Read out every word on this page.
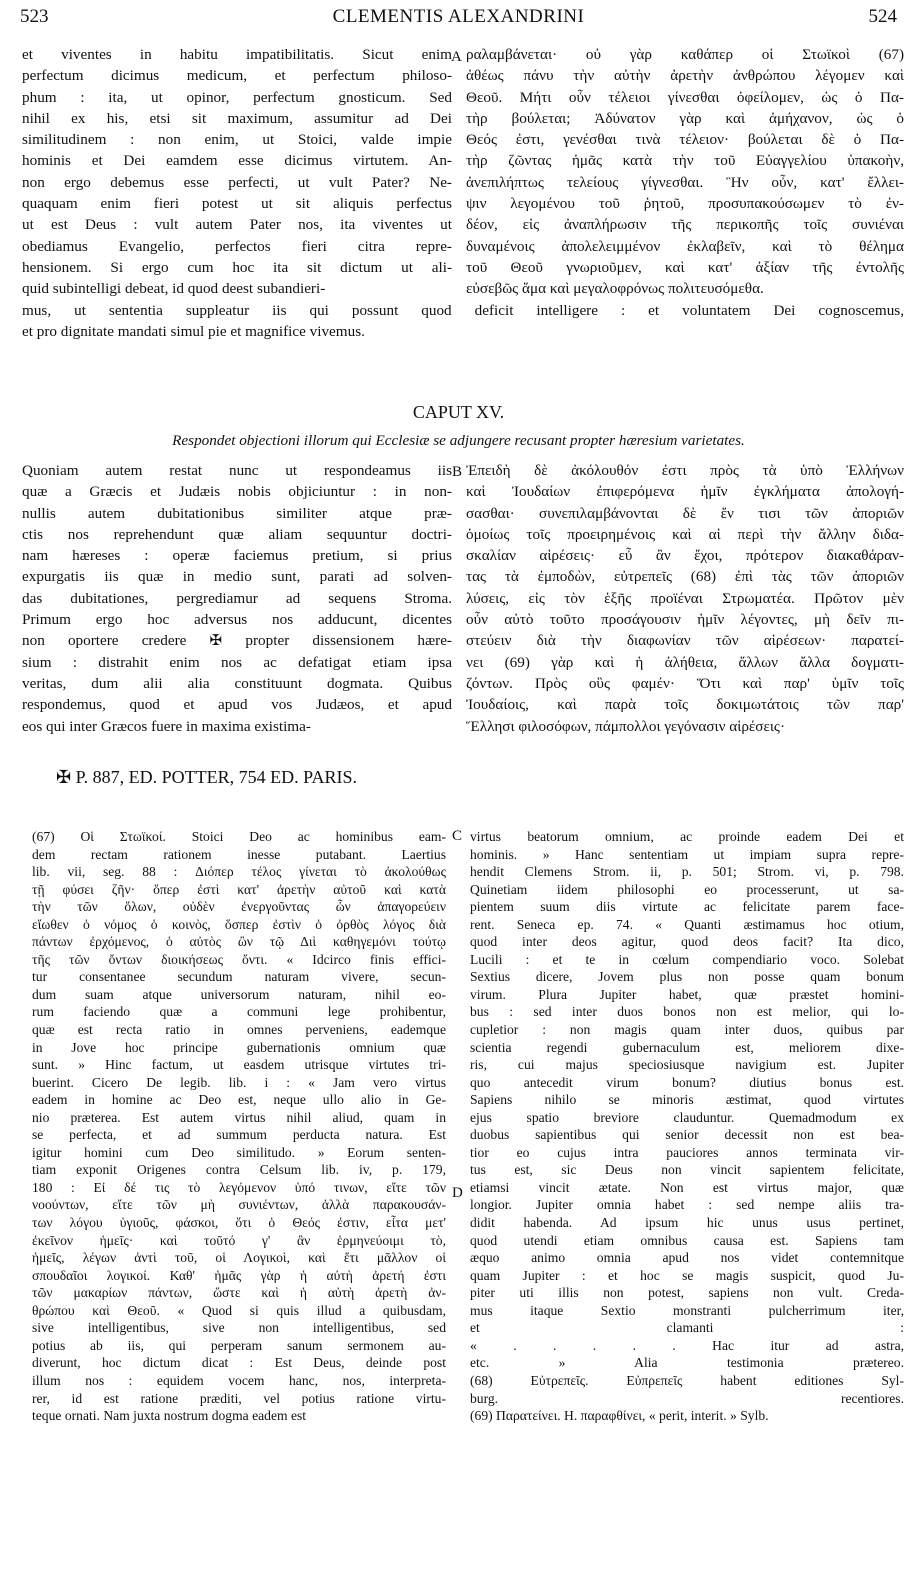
523	CLEMENTIS ALEXANDRINI	524
A
B
C
D
et viventes in habitu impatibilitatis. Sicut enim
perfectum dicimus medicum, et perfectum philoso-
phum : ita, ut opinor, perfectum gnosticum. Sed
nihil ex his, etsi sit maximum, assumitur ad Dei
similitudinem : non enim, ut Stoici, valde impie
hominis et Dei eamdem esse dicimus virtutem. An-
non ergo debemus esse perfecti, ut vult Pater? Ne-
quaquam enim fieri potest ut sit aliquis perfectus
ut est Deus : vult autem Pater nos, ita viventes ut
obediamus Evangelio, perfectos fieri citra repre-
hensionem. Si ergo cum hoc ita sit dictum ut ali-
quid subintelligi debeat, id quod deest subandieri-
ραλαμβάνεται· οὐ γὰρ καθάπερ οἱ Στωϊκοὶ (67)
ἀθέως πάνυ τὴν αὐτὴν ἀρετὴν ἀνθρώπου λέγομεν καὶ
Θεοῦ. Μήτι οὖν τέλειοι γίνεσθαι ὀφείλομεν, ὡς ὁ Πα-
τὴρ βούλεται; Ἀδύνατον γὰρ καὶ ἀμήχανον, ὡς ὁ
Θεός ἐστι, γενέσθαι τινὰ τέλειον· βούλεται δὲ ὁ Πα-
τὴρ ζῶντας ἡμᾶς κατὰ τὴν τοῦ Εὐαγγελίου ὑπακοὴν,
ἀνεπιλήπτως τελείους γίγνεσθαι. Ἣν οὖν, κατ' ἔλλει-
ψιν λεγομένου τοῦ ῥητοῦ, προσυπακούσωμεν τὸ ἐν-
δέον, εἰς ἀναπλήρωσιν τῆς περικοπῆς τοῖς συνιέναι
δυναμένοις ἀπολελειμμένον ἐκλαβεῖν, καὶ τὸ θέλημα
τοῦ Θεοῦ γνωριοῦμεν, καὶ κατ' ἀξίαν τῆς ἐντολῆς
εὐσεβῶς ἅμα καὶ μεγαλοφρόνως πολιτευσόμεθα.
mus, ut sententia suppleatur iis qui possunt quod deficit intelligere : et voluntatem Dei cognoscemus,
et pro dignitate mandati simul pie et magnifice vivemus.
CAPUT XV.
Respondet objectioni illorum qui Ecclesiæ se adjungere recusant propter hæresium varietates.
Quoniam autem restat nunc ut respondeamus iis
quæ a Græcis et Judæis nobis objiciuntur : in non-
nullis autem dubitationibus similiter atque præ-
ctis nos reprehendunt quæ aliam sequuntur doctri-
nam hæreses : operæ faciemus pretium, si prius
expurgatis iis quæ in medio sunt, parati ad solven-
das dubitationes, pergrediamur ad sequens Stroma.
Primum ergo hoc adversus nos adducunt, dicentes
non oportere credere ✠ propter dissensionem hære-
sium : distrahit enim nos ac defatigat etiam ipsa
veritas, dum alii alia constituunt dogmata. Quibus
respondemus, quod et apud vos Judæos, et apud
eos qui inter Græcos fuere in maxima existima-
Ἐπειδὴ δὲ ἀκόλουθόν ἐστι πρὸς τὰ ὑπὸ Ἑλλήνων
καὶ Ἰουδαίων ἐπιφερόμενα ἡμῖν ἐγκλήματα ἀπολογή-
σασθαι· συνεπιλαμβάνονται δὲ ἔν τισι τῶν ἀποριῶν
ὁμοίως τοῖς προειρημένοις καὶ αἱ περὶ τὴν ἄλλην διδα-
σκαλίαν αἱρέσεις· εὖ ἂν ἔχοι, πρότερον διακαθάραν-
τας τὰ ἐμποδὼν, εὐτρεπεῖς (68) ἐπὶ τὰς τῶν ἀποριῶν
λύσεις, εἰς τὸν ἑξῆς προϊέναι Στρωματέα. Πρῶτον μὲν
οὖν αὐτὸ τοῦτο προσάγουσιν ἡμῖν λέγοντες, μὴ δεῖν πι-
στεύειν διὰ τὴν διαφωνίαν τῶν αἱρέσεων· παρατεί-
νει (69) γὰρ καὶ ἡ ἀλήθεια, ἄλλων ἄλλα δογματι-
ζόντων. Πρὸς οὓς φαμέν· Ὅτι καὶ παρ' ὑμῖν τοῖς
Ἰουδαίοις, καὶ παρὰ τοῖς δοκιμωτάτοις τῶν παρ'
Ἕλλησι φιλοσόφων, πάμπολλοι γεγόνασιν αἱρέσεις·
✠ P. 887, ED. POTTER, 754 ED. PARIS.
(67) Οἱ Στωϊκοί. Stoici Deo ac hominibus eam-
dem rectam rationem inesse putabant. Laertius
lib. vii, seg. 88 : Διόπερ τέλος γίνεται τὸ ἀκολούθως
τῇ φύσει ζῆν· ὅπερ ἐστὶ κατ' ἀρετὴν αὐτοῦ καὶ κατὰ
τὴν τῶν ὅλων, οὐδὲν ἐνεργοῦντας ὧν ἀπαγορεύειν
εἴωθεν ὁ νόμος ὁ κοινὸς, ὅσπερ ἐστὶν ὁ ὀρθὸς λόγος διὰ
πάντων ἐρχόμενος, ὁ αὐτὸς ὢν τῷ Διὶ καθηγεμόνι τούτῳ
τῆς τῶν ὄντων διοικήσεως ὄντι. « Idcirco finis effici-
tur consentanee secundum naturam vivere, secun-
dum suam atque universorum naturam, nihil eo-
rum faciendo quæ a communi lege prohibentur,
quæ est recta ratio in omnes perveniens, eademque
in Jove hoc principe gubernationis omnium quæ
sunt. » Hinc factum, ut easdem utrisque virtutes tri-
buerint. Cicero De legib. lib. i : « Jam vero virtus
eadem in homine ac Deo est, neque ullo alio in Ge-
nio præterea. Est autem virtus nihil aliud, quam in
se perfecta, et ad summum perducta natura. Est
igitur homini cum Deo similitudo. » Eorum senten-
tiam exponit Origenes contra Celsum lib. iv, p. 179,
180 : Εἰ δέ τις τὸ λεγόμενον ὑπό τινων, εἴτε τῶν
νοούντων, εἴτε τῶν μὴ συνιέντων, ἀλλὰ παρακουσάν-
των λόγου ὑγιοῦς, φάσκοι, ὅτι ὁ Θεός ἐστιν, εἶτα μετ'
ἐκεῖνον ἡμεῖς· καὶ τοῦτό γ' ἂν ἑρμηνεύοιμι τὸ,
ἡμεῖς, λέγων ἀντὶ τοῦ, οἱ Λογικοὶ, καὶ ἔτι μᾶλλον οἱ
σπουδαῖοι λογικοί. Καθ' ἡμᾶς γὰρ ἡ αὐτὴ ἀρετή ἐστι
τῶν μακαρίων πάντων, ὥστε καὶ ἡ αὐτὴ ἀρετὴ ἀν-
θρώπου καὶ Θεοῦ. « Quod si quis illud a quibusdam,
sive intelligentibus, sive non intelligentibus, sed
potius ab iis, qui perperam sanum sermonem au-
diverunt, hoc dictum dicat : Est Deus, deinde post
illum nos : equidem vocem hanc, nos, interpreta-
rer, id est ratione præditi, vel potius ratione virtu-
teque ornati. Nam juxta nostrum dogma eadem est
virtus beatorum omnium, ac proinde eadem Dei et
hominis. » Hanc sententiam ut impiam supra repre-
hendit Clemens Strom. ii, p. 501; Strom. vi, p. 798.
Quinetiam iidem philosophi eo processerunt, ut sa-
pientem suum diis virtute ac felicitate parem face-
rent. Seneca ep. 74. « Quanti æstimamus hoc otium,
quod inter deos agitur, quod deos facit? Ita dico,
Lucili : et te in cœlum compendiario voco. Solebat
Sextius dicere, Jovem plus non posse quam bonum
virum. Plura Jupiter habet, quæ præstet homini-
bus : sed inter duos bonos non est melior, qui lo-
cupletior : non magis quam inter duos, quibus par
scientia regendi gubernaculum est, meliorem dixe-
ris, cui majus speciosiusque navigium est. Jupiter
quo antecedit virum bonum? diutius bonus est.
Sapiens nihilo se minoris æstimat, quod virtutes
ejus spatio breviore clauduntur. Quemadmodum ex
duobus sapientibus qui senior decessit non est bea-
tior eo cujus intra pauciores annos terminata vir-
tus est, sic Deus non vincit sapientem felicitate,
etiamsi vincit ætate. Non est virtus major, quæ
longior. Jupiter omnia habet : sed nempe aliis tra-
didit habenda. Ad ipsum hic unus usus pertinet,
quod utendi etiam omnibus causa est. Sapiens tam
æquo animo omnia apud nos videt contemnitque
quam Jupiter : et hoc se magis suspicit, quod Ju-
piter uti illis non potest, sapiens non vult. Creda-
mus itaque Sextio monstranti pulcherrimum iter,
et clamanti :
« . . . . . Hac itur ad astra,
etc. » Alia testimonia prætereo.
(68) Εὐτρεπεῖς. Εὐπρεπεῖς habent editiones Syl-
burg. recentiores.
(69) Παρατείνει. H. παραφθίνει, « perit, interit. » Sylb.
